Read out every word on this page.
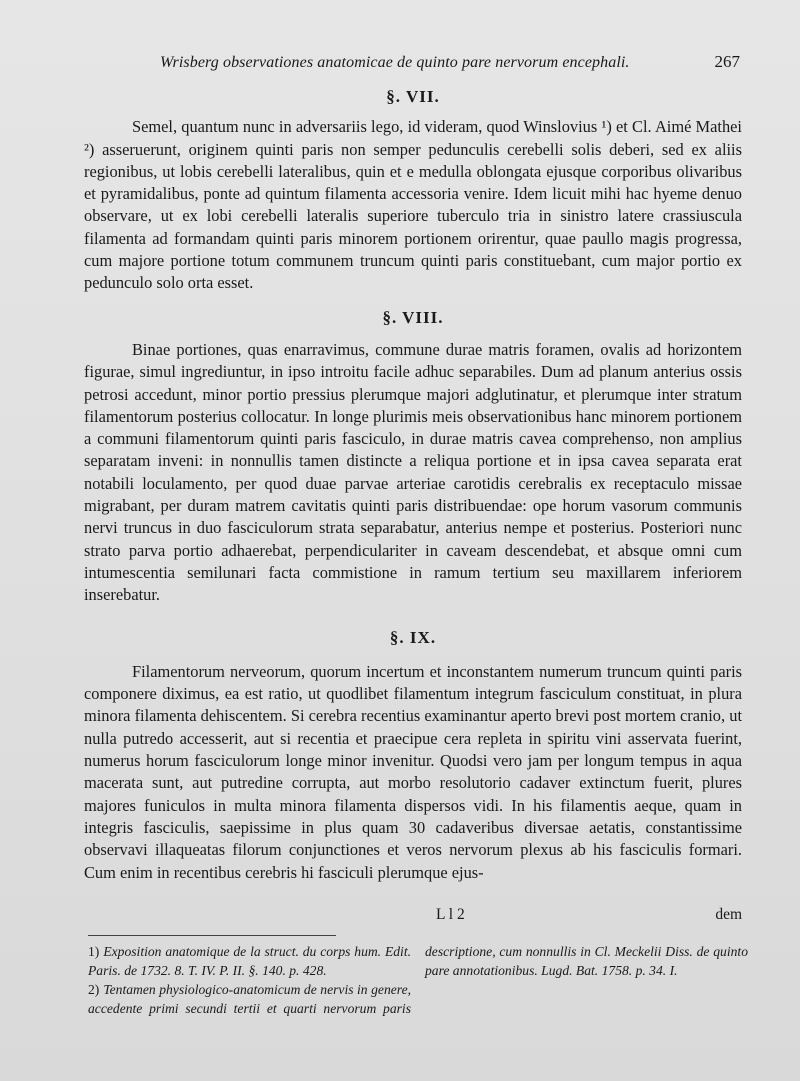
Wrisberg observationes anatomicae de quinto pare nervorum encephali.	267
§. VII.

Semel, quantum nunc in adversariis lego, id videram, quod Winslovius ¹) et Cl. Aimé Mathei ²) asseruerunt, originem quinti paris non semper pedunculis cerebelli solis deberi, sed ex aliis regionibus, ut lobis cerebelli lateralibus, quin et e medulla oblongata ejusque corporibus olivaribus et pyramidalibus, ponte ad quintum filamenta accessoria venire. Idem licuit mihi hac hyeme denuo observare, ut ex lobi cerebelli lateralis superiore tuberculo tria in sinistro latere crassiuscula filamenta ad formandam quinti paris minorem portionem orirentur, quae paullo magis progressa, cum majore portione totum communem truncum quinti paris constituebant, cum major portio ex pedunculo solo orta esset.

§. VIII.

Binae portiones, quas enarravimus, commune durae matris foramen, ovalis ad horizontem figurae, simul ingrediuntur, in ipso introitu facile adhuc separabiles. Dum ad planum anterius ossis petrosi accedunt, minor portio pressius plerumque majori adglutinatur, et plerumque inter stratum filamentorum posterius collocatur. In longe plurimis meis observationibus hanc minorem portionem a communi filamentorum quinti paris fasciculo, in durae matris cavea comprehenso, non amplius separatam inveni: in nonnullis tamen distincte a reliqua portione et in ipsa cavea separata erat notabili loculamento, per quod duae parvae arteriae carotidis cerebralis ex receptaculo missae migrabant, per duram matrem cavitatis quinti paris distribuendae: ope horum vasorum communis nervi truncus in duo fasciculorum strata separabatur, anterius nempe et posterius. Posteriori nunc strato parva portio adhaerebat, perpendiculariter in caveam descendebat, et absque omni cum intumescentia semilunari facta commistione in ramum tertium seu maxillarem inferiorem inserebatur.

§. IX.

Filamentorum nerveorum, quorum incertum et inconstantem numerum truncum quinti paris componere diximus, ea est ratio, ut quodlibet filamentum integrum fasciculum constituat, in plura minora filamenta dehiscentem. Si cerebra recentius examinantur aperto brevi post mortem cranio, ut nulla putredo accesserit, aut si recentia et praecipue cera repleta in spiritu vini asservata fuerint, numerus horum fasciculorum longe minor invenitur. Quodsi vero jam per longum tempus in aqua macerata sunt, aut putredine corrupta, aut morbo resolutorio cadaver extinctum fuerit, plures majores funiculos in multa minora filamenta dispersos vidi. In his filamentis aeque, quam in integris fasciculis, saepissime in plus quam 30 cadaveribus diversae aetatis, constantissime observavi illaqueatas filorum conjunctiones et veros nervorum plexus ab his fasciculis formari. Cum enim in recentibus cerebris hi fasciculi plerumque ejus-

L l 2	dem

1) Exposition anatomique de la struct. du corps hum. Edit. Paris. de 1732. 8. T. IV. P. II. §. 140. p. 428.

2) Tentamen physiologico-anatomicum de nervis in genere, accedente primi secundi tertii et quarti nervorum paris descriptione, cum nonnullis in Cl. Meckelii Diss. de quinto pare annotationibus. Lugd. Bat. 1758. p. 34. I.
